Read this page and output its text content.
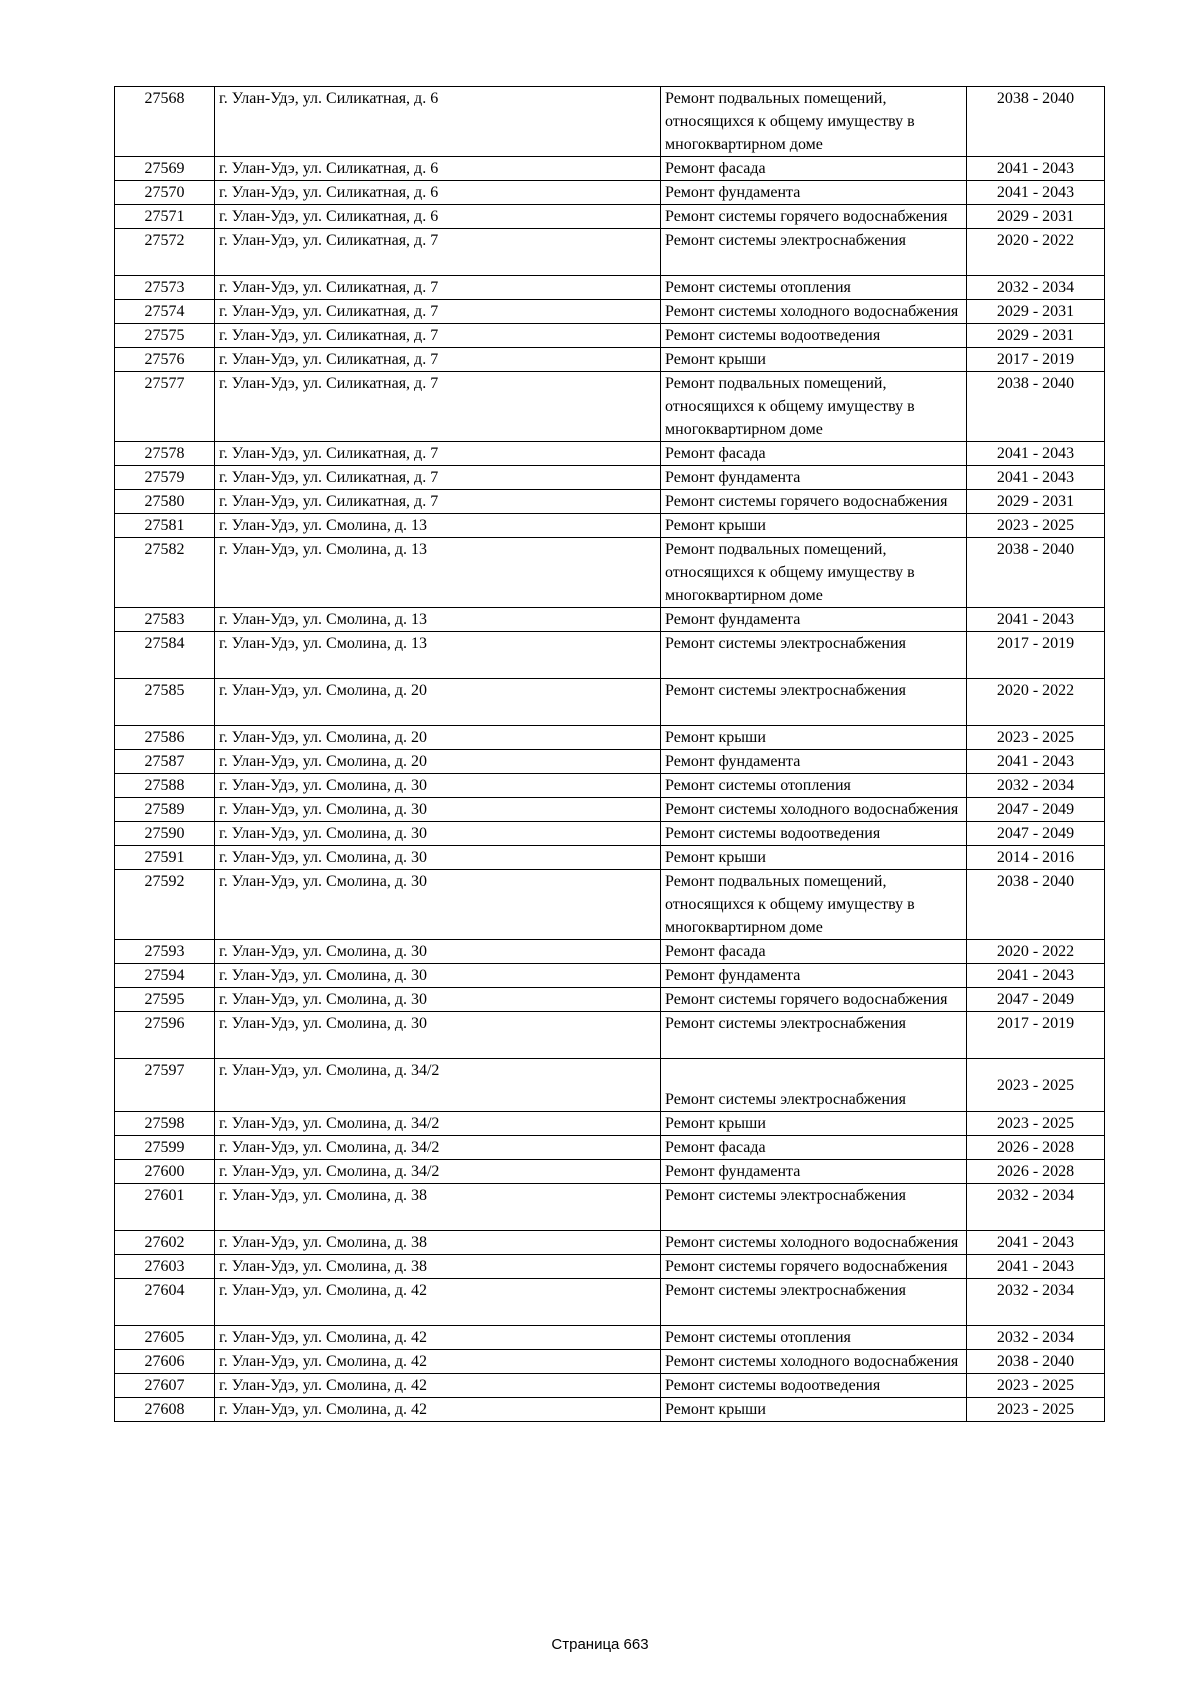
27568	г. Улан-Удэ, ул. Силикатная, д. 6	Ремонт подвальных помещений, относящихся к общему имуществу в многоквартирном доме	2038 - 2040
27569	г. Улан-Удэ, ул. Силикатная, д. 6	Ремонт фасада	2041 - 2043
27570	г. Улан-Удэ, ул. Силикатная, д. 6	Ремонт фундамента	2041 - 2043
27571	г. Улан-Удэ, ул. Силикатная, д. 6	Ремонт системы горячего водоснабжения	2029 - 2031
27572	г. Улан-Удэ, ул. Силикатная, д. 7	Ремонт системы электроснабжения	2020 - 2022
27573	г. Улан-Удэ, ул. Силикатная, д. 7	Ремонт системы отопления	2032 - 2034
27574	г. Улан-Удэ, ул. Силикатная, д. 7	Ремонт системы холодного водоснабжения	2029 - 2031
27575	г. Улан-Удэ, ул. Силикатная, д. 7	Ремонт системы водоотведения	2029 - 2031
27576	г. Улан-Удэ, ул. Силикатная, д. 7	Ремонт крыши	2017 - 2019
27577	г. Улан-Удэ, ул. Силикатная, д. 7	Ремонт подвальных помещений, относящихся к общему имуществу в многоквартирном доме	2038 - 2040
27578	г. Улан-Удэ, ул. Силикатная, д. 7	Ремонт фасада	2041 - 2043
27579	г. Улан-Удэ, ул. Силикатная, д. 7	Ремонт фундамента	2041 - 2043
27580	г. Улан-Удэ, ул. Силикатная, д. 7	Ремонт системы горячего водоснабжения	2029 - 2031
27581	г. Улан-Удэ, ул. Смолина, д. 13	Ремонт крыши	2023 - 2025
27582	г. Улан-Удэ, ул. Смолина, д. 13	Ремонт подвальных помещений, относящихся к общему имуществу в многоквартирном доме	2038 - 2040
27583	г. Улан-Удэ, ул. Смолина, д. 13	Ремонт фундамента	2041 - 2043
27584	г. Улан-Удэ, ул. Смолина, д. 13	Ремонт системы электроснабжения	2017 - 2019
27585	г. Улан-Удэ, ул. Смолина, д. 20	Ремонт системы электроснабжения	2020 - 2022
27586	г. Улан-Удэ, ул. Смолина, д. 20	Ремонт крыши	2023 - 2025
27587	г. Улан-Удэ, ул. Смолина, д. 20	Ремонт фундамента	2041 - 2043
27588	г. Улан-Удэ, ул. Смолина, д. 30	Ремонт системы отопления	2032 - 2034
27589	г. Улан-Удэ, ул. Смолина, д. 30	Ремонт системы холодного водоснабжения	2047 - 2049
27590	г. Улан-Удэ, ул. Смолина, д. 30	Ремонт системы водоотведения	2047 - 2049
27591	г. Улан-Удэ, ул. Смолина, д. 30	Ремонт крыши	2014 - 2016
27592	г. Улан-Удэ, ул. Смолина, д. 30	Ремонт подвальных помещений, относящихся к общему имуществу в многоквартирном доме	2038 - 2040
27593	г. Улан-Удэ, ул. Смолина, д. 30	Ремонт фасада	2020 - 2022
27594	г. Улан-Удэ, ул. Смолина, д. 30	Ремонт фундамента	2041 - 2043
27595	г. Улан-Удэ, ул. Смолина, д. 30	Ремонт системы горячего водоснабжения	2047 - 2049
27596	г. Улан-Удэ, ул. Смолина, д. 30	Ремонт системы электроснабжения	2017 - 2019
27597	г. Улан-Удэ, ул. Смолина, д. 34/2	Ремонт системы электроснабжения	2023 - 2025
27598	г. Улан-Удэ, ул. Смолина, д. 34/2	Ремонт крыши	2023 - 2025
27599	г. Улан-Удэ, ул. Смолина, д. 34/2	Ремонт фасада	2026 - 2028
27600	г. Улан-Удэ, ул. Смолина, д. 34/2	Ремонт фундамента	2026 - 2028
27601	г. Улан-Удэ, ул. Смолина, д. 38	Ремонт системы электроснабжения	2032 - 2034
27602	г. Улан-Удэ, ул. Смолина, д. 38	Ремонт системы холодного водоснабжения	2041 - 2043
27603	г. Улан-Удэ, ул. Смолина, д. 38	Ремонт системы горячего водоснабжения	2041 - 2043
27604	г. Улан-Удэ, ул. Смолина, д. 42	Ремонт системы электроснабжения	2032 - 2034
27605	г. Улан-Удэ, ул. Смолина, д. 42	Ремонт системы отопления	2032 - 2034
27606	г. Улан-Удэ, ул. Смолина, д. 42	Ремонт системы холодного водоснабжения	2038 - 2040
27607	г. Улан-Удэ, ул. Смолина, д. 42	Ремонт системы водоотведения	2023 - 2025
27608	г. Улан-Удэ, ул. Смолина, д. 42	Ремонт крыши	2023 - 2025
Страница 663
